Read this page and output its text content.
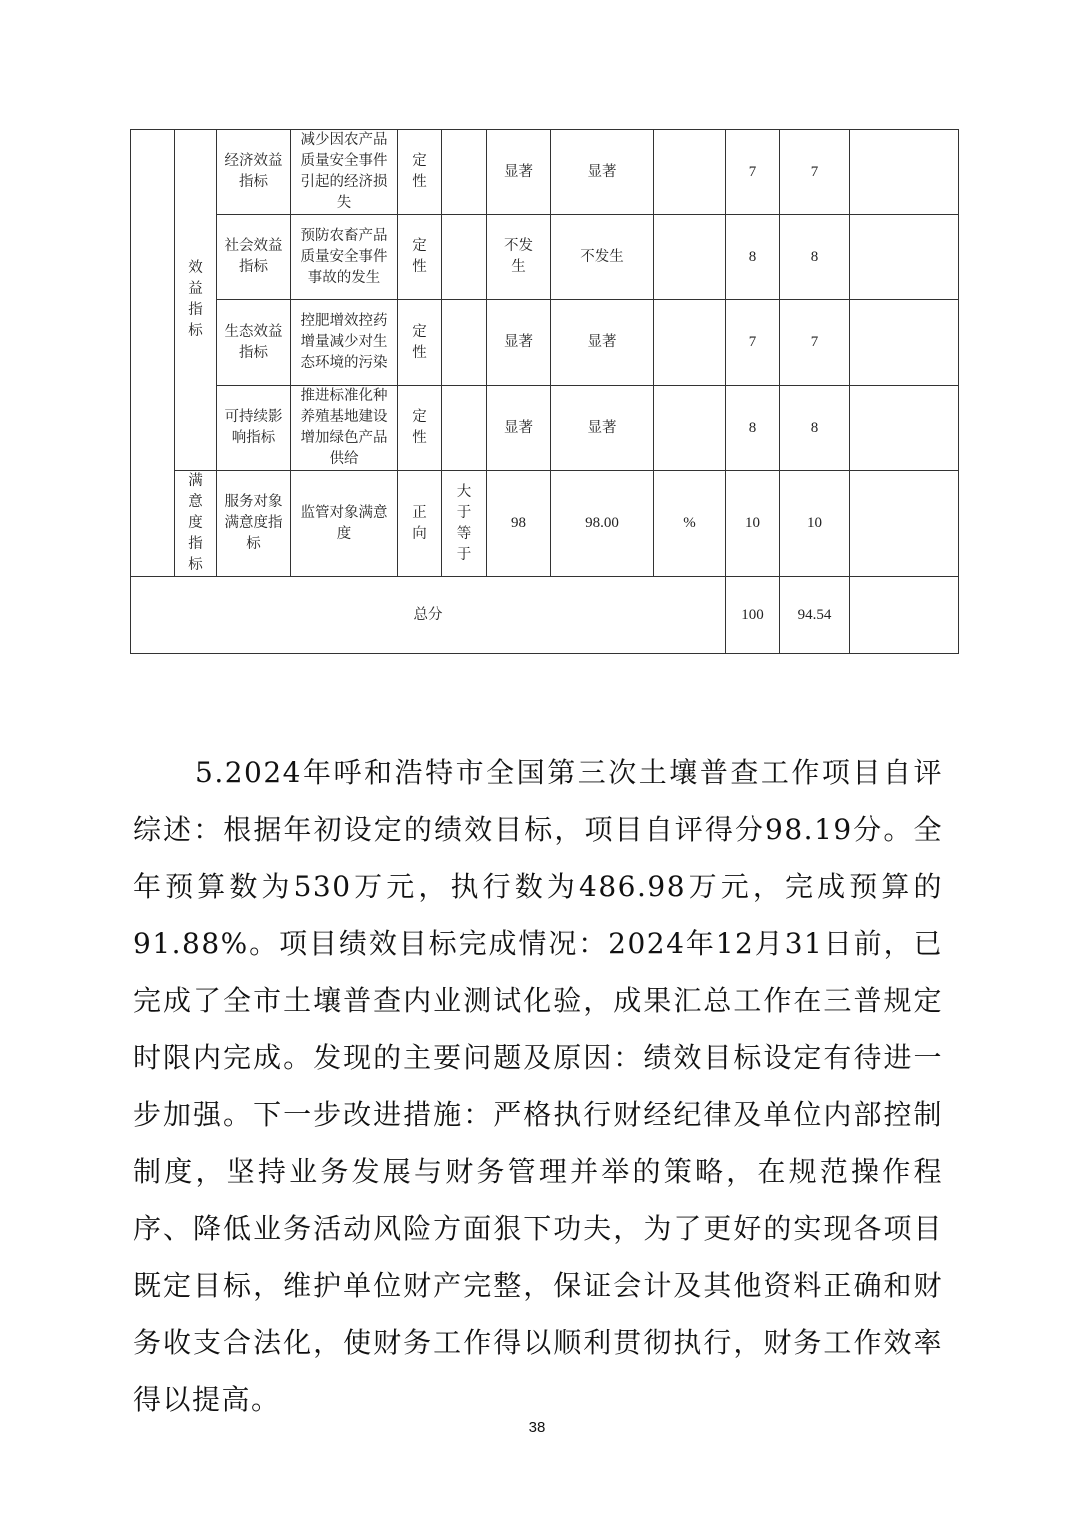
	效益指标	经济效益指标	减少因农产品质量安全事件引起的经济损失	定性		显著	显著		7	7	
		社会效益指标	预防农畜产品质量安全事件事故的发生	定性		不发生	不发生		8	8	
		生态效益指标	控肥增效控药增量减少对生态环境的污染	定性		显著	显著		7	7	
		可持续影响指标	推进标准化种养殖基地建设增加绿色产品供给	定性		显著	显著		8	8	

	满意度指标	服务对象满意度指标	监管对象满意度	正向	大于等于	98	98.00	%	10	10	
总分									100	94.54	

5.2024年呼和浩特市全国第三次土壤普查工作项目自评综述：根据年初设定的绩效目标，项目自评得分98.19分。全年预算数为530万元，执行数为486.98万元，完成预算的91.88%。项目绩效目标完成情况：2024年12月31日前，已完成了全市土壤普查内业测试化验，成果汇总工作在三普规定时限内完成。发现的主要问题及原因：绩效目标设定有待进一步加强。下一步改进措施：严格执行财经纪律及单位内部控制制度，坚持业务发展与财务管理并举的策略，在规范操作程序、降低业务活动风险方面狠下功夫，为了更好的实现各项目既定目标，维护单位财产完整，保证会计及其他资料正确和财务收支合法化，使财务工作得以顺利贯彻执行，财务工作效率得以提高。

38
